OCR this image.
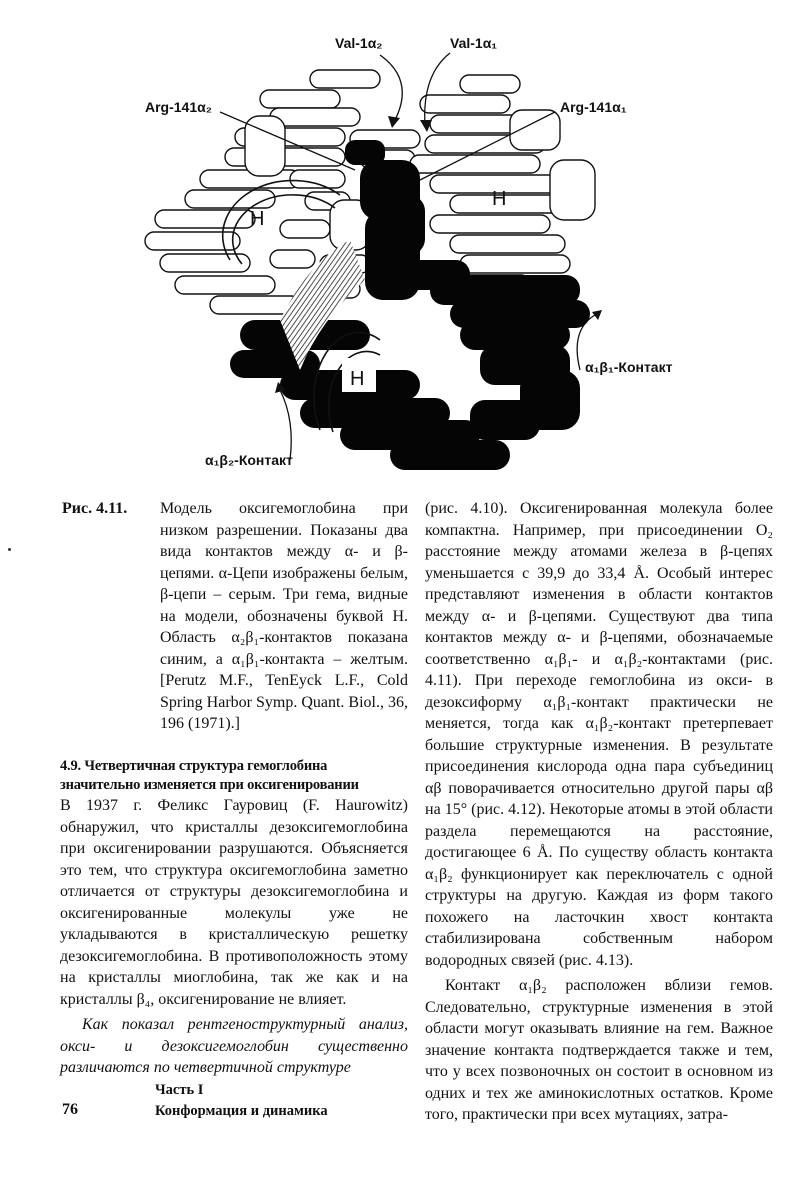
H
H
H
Val-1α₂	Val-1α₁
Arg-141α₂	Arg-141α₁
α₁β₁-Контакт
α₁β₂-Контакт
Рис. 4.11. Модель оксигемоглобина при низком разрешении. Показаны два вида контактов между α- и β-цепями. α-Цепи изображены белым, β-цепи – серым. Три гема, видные на модели, обозначены буквой H. Область α₂β₁-контактов показана синим, а α₁β₁-контакта – желтым. [Perutz M.F., TenEyck L.F., Cold Spring Harbor Symp. Quant. Biol., 36, 196 (1971).]
4.9. Четвертичная структура гемоглобина значительно изменяется при оксигенировании
В 1937 г. Феликс Гауровиц (F. Haurowitz) обнаружил, что кристаллы дезоксигемоглобина при оксигенировании разрушаются. Объясняется это тем, что структура оксигемоглобина заметно отличается от структуры дезоксигемоглобина и оксигенированные молекулы уже не укладываются в кристаллическую решетку дезоксигемоглобина. В противоположность этому на кристаллы миоглобина, так же как и на кристаллы β₄, оксигенирование не влияет.
Как показал рентгеноструктурный анализ, окси- и дезоксигемоглобин существенно различаются по четвертичной структуре

(рис. 4.10). Оксигенированная молекула более компактна. Например, при присоединении O₂ расстояние между атомами железа в β-цепях уменьшается с 39,9 до 33,4 Å. Особый интерес представляют изменения в области контактов между α- и β-цепями. Существуют два типа контактов между α- и β-цепями, обозначаемые соответственно α₁β₁- и α₁β₂-контактами (рис. 4.11). При переходе гемоглобина из окси- в дезоксиформу α₁β₁-контакт практически не меняется, тогда как α₁β₂-контакт претерпевает большие структурные изменения. В результате присоединения кислорода одна пара субъединиц αβ поворачивается относительно другой пары αβ на 15° (рис. 4.12). Некоторые атомы в этой области раздела перемещаются на расстояние, достигающее 6 Å. По существу область контакта α₁β₂ функционирует как переключатель с одной структуры на другую. Каждая из форм такого похожего на ласточкин хвост контакта стабилизирована собственным набором водородных связей (рис. 4.13).

Контакт α₁β₂ расположен вблизи гемов. Следовательно, структурные изменения в этой области могут оказывать влияние на гем. Важное значение контакта подтверждается также и тем, что у всех позвоночных он состоит в основном из одних и тех же аминокислотных остатков. Кроме того, практически при всех мутациях, затра-

Часть I
Конформация и динамика
76
